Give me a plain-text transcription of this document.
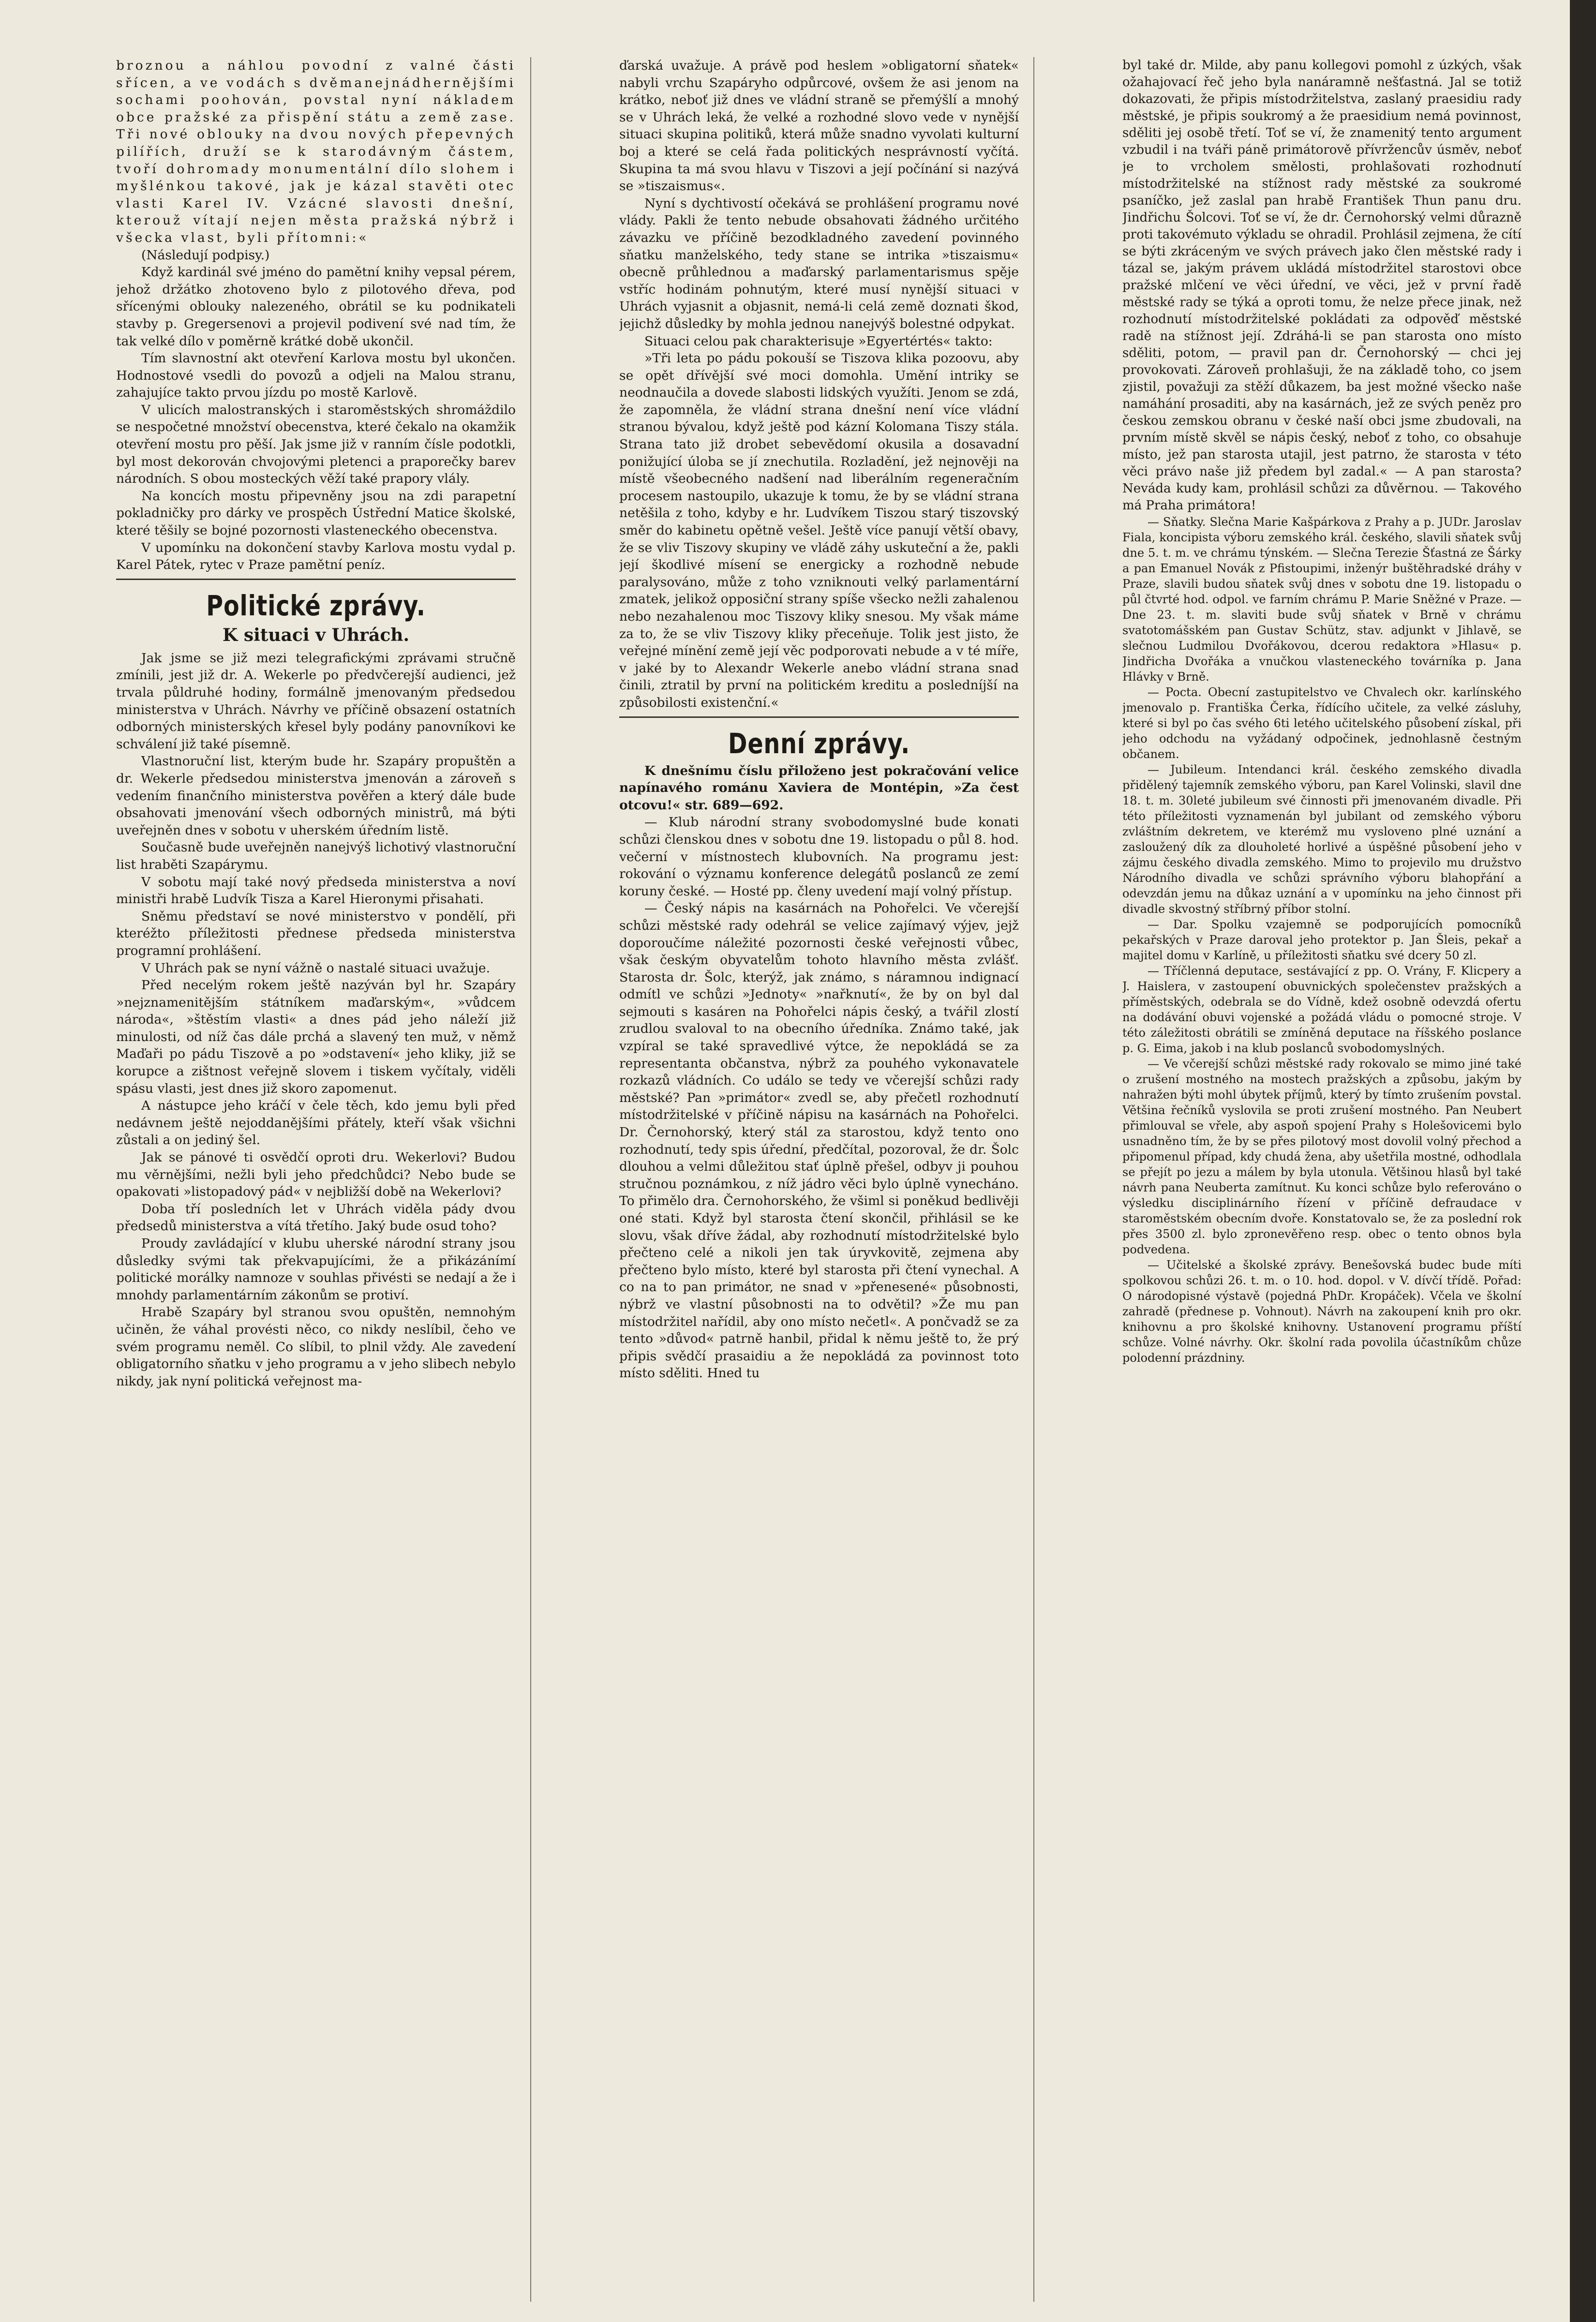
broznou a náhlou povodní z valné části sřícen, a ve vodách s dvěmanejnádhernějšími sochami poohován, povstal nyní nákladem obce pražské za přispění státu a země zase. Tři nové oblouky na dvou nových přepevných pilířích, druží se k starodávným částem, tvoří dohromady monumentální dílo slohem i myšlénkou takové, jak je kázal stavěti otec vlasti Karel IV. Vzácné slavosti dnešní, kterouž vítají nejen města pražská nýbrž i všecka vlast, byli přítomni:«

(Následují podpisy.)

Když kardinál své jméno do pamětní knihy vepsal pérem, jehož držátko zhotoveno bylo z pilotového dřeva, pod sřícenými oblouky nalezeného, obrátil se ku podnikateli stavby p. Gregersenovi a projevil podivení své nad tím, že tak velké dílo v poměrně krátké době ukončil.

Tím slavnostní akt otevření Karlova mostu byl ukončen. Hodnostové vsedli do povozů a odjeli na Malou stranu, zahajujíce takto prvou jízdu po mostě Karlově.

V ulicích malostranských i staroměstských shromáždilo se nespočetné množství obecenstva, které čekalo na okamžik otevření mostu pro pěší. Jak jsme již v ranním čísle podotkli, byl most dekorován chvojovými pletenci a praporečky barev národních. S obou mosteckých věží také prapory vlály.

Na koncích mostu připevněny jsou na zdi parapetní pokladničky pro dárky ve prospěch Ústřední Matice školské, které těšily se bojné pozornosti vlasteneckého obecenstva.

V upomínku na dokončení stavby Karlova mostu vydal p. Karel Pátek, rytec v Praze pamětní peníz.

Politické zprávy.
K situaci v Uhrách.

Jak jsme se již mezi telegrafickými zprávami stručně zmínili, jest již dr. A. Wekerle po předvčerejší audienci, jež trvala půldruhé hodiny, formálně jmenovaným předsedou ministerstva v Uhrách. Návrhy ve příčině obsazení ostatních odborných ministerských křesel byly podány panovníkovi ke schválení již také písemně.

Vlastnoruční list, kterým bude hr. Szapáry propuštěn a dr. Wekerle předsedou ministerstva jmenován a zároveň s vedením finančního ministerstva pověřen a který dále bude obsahovati jmenování všech odborných ministrů, má býti uveřejněn dnes v sobotu v uherském úředním listě.

Současně bude uveřejněn nanejvýš lichotivý vlastnoruční list hraběti Szapárymu.

V sobotu mají také nový předseda ministerstva a noví ministři hrabě Ludvík Tisza a Karel Hieronymi přisahati.

Sněmu představí se nové ministerstvo v pondělí, při kteréžto příležitosti přednese předseda ministerstva programní prohlášení.

V Uhrách pak se nyní vážně o nastalé situaci uvažuje.

Před necelým rokem ještě nazýván byl hr. Szapáry »nejznamenitějším státníkem maďarským«, »vůdcem národa«, »štěstím vlasti« a dnes pád jeho náleží již minulosti, od níž čas dále prchá a slavený ten muž, v němž Maďaři po pádu Tiszově a po »odstavení« jeho kliky, již se korupce a zištnost veřejně slovem i tiskem vyčítaly, viděli spásu vlasti, jest dnes již skoro zapomenut.

A nástupce jeho kráčí v čele těch, kdo jemu byli před nedávnem ještě nejoddanějšími přátely, kteří však všichni zůstali a on jediný šel.

Jak se pánové ti osvědčí oproti dru. Wekerlovi? Budou mu věrnějšími, nežli byli jeho předchůdci? Nebo bude se opakovati »listopadový pád« v nejbližší době na Wekerlovi?

Doba tří posledních let v Uhrách viděla pády dvou předsedů ministerstva a vítá třetího. Jaký bude osud toho?

Proudy zavládající v klubu uherské národní strany jsou důsledky svými tak překvapujícími, že a přikázánímí politické morálky namnoze v souhlas přivésti se nedají a že i mnohdy parlamentárním zákonům se protiví.

Hrabě Szapáry byl stranou svou opuštěn, nemnohým učiněn, že váhal provésti něco, co nikdy neslíbil, čeho ve svém programu neměl. Co slíbil, to plnil vždy. Ale zavedení obligatorního sňatku v jeho programu a v jeho slibech nebylo nikdy, jak nyní politická veřejnost ma-

ďarská uvažuje. A právě pod heslem »obligatorní sňatek« nabyli vrchu Szapáryho odpůrcové, ovšem že asi jenom na krátko, neboť již dnes ve vládní straně se přemýšlí a mnohý se v Uhrách leká, že velké a rozhodné slovo vede v nynější situaci skupina politiků, která může snadno vyvolati kulturní boj a které se celá řada politických nesprávností vyčítá. Skupina ta má svou hlavu v Tiszovi a její počínání si nazývá se »tiszaismus«.

Nyní s dychtivostí očekává se prohlášení programu nové vlády. Pakli že tento nebude obsahovati žádného určitého závazku ve příčině bezodkladného zavedení povinného sňatku manželského, tedy stane se intrika »tiszaismu« obecně průhlednou a maďarský parlamentarismus spěje vstříc hodinám pohnutým, které musí nynější situaci v Uhrách vyjasnit a objasnit, nemá-li celá země doznati škod, jejichž důsledky by mohla jednou nanejvýš bolestné odpykat.

Situaci celou pak charakterisuje »Egyertértés« takto:

»Tři leta po pádu pokouší se Tiszova klika pozoovu, aby se opět dřívější své moci domohla. Umění intriky se neodnaučila a dovede slabosti lidských využíti. Jenom se zdá, že zapomněla, že vládní strana dnešní není více vládní stranou bývalou, když ještě pod kázní Kolomana Tiszy stála. Strana tato již drobet sebevědomí okusila a dosavadní ponižující úloba se jí znechutila. Rozladění, jež nejnověji na místě všeobecného nadšení nad liberálním regeneračním procesem nastoupilo, ukazuje k tomu, že by se vládní strana netěšila z toho, kdyby e hr. Ludvíkem Tiszou starý tiszovský směr do kabinetu opětně vešel. Ještě více panují větší obavy, že se vliv Tiszovy skupiny ve vládě záhy uskuteční a že, pakli její škodlivé mísení se energicky a rozhodně nebude paralysováno, může z toho vzniknouti velký parlamentární zmatek, jelikož opposiční strany spíše všecko nežli zahalenou nebo nezahalenou moc Tiszovy kliky snesou. My však máme za to, že se vliv Tiszovy kliky přeceňuje. Tolik jest jisto, že veřejné mínění země její věc podporovati nebude a v té míře, v jaké by to Alexandr Wekerle anebo vládní strana snad činili, ztratil by první na politickém kreditu a posledníjší na způsobilosti existenční.«

Denní zprávy.

K dnešnímu číslu přiloženo jest pokračování velice napínavého románu Xaviera de Montépin, »Za čest otcovu!« str. 689—692.

— Klub národní strany svobodomyslné bude konati schůzi členskou dnes v sobotu dne 19. listopadu o půl 8. hod. večerní v místnostech klubovních. Na programu jest: rokování o významu konference delegátů poslanců ze zemí koruny české. — Hosté pp. členy uvedení mají volný přístup.

— Český nápis na kasárnách na Pohořelci. Ve včerejší schůzi městské rady odehrál se velice zajímavý výjev, jejž doporoučíme náležité pozornosti české veřejnosti vůbec, však českým obyvatelům tohoto hlavního města zvlášť. Starosta dr. Šolc, kterýž, jak známo, s náramnou indignací odmítl ve schůzi »Jednoty« »nařknutí«, že by on byl dal sejmouti s kasáren na Pohořelci nápis český, a tvářil zlostí zrudlou svaloval to na obecního úředníka. Známo také, jak vzpíral se také spravedlivé výtce, že nepokládá se za representanta občanstva, nýbrž za pouhého vykonavatele rozkazů vládních. Co událo se tedy ve včerejší schůzi rady městské? Pan »primátor« zvedl se, aby přečetl rozhodnutí místodržitelské v příčině nápisu na kasárnách na Pohořelci. Dr. Černohorský, který stál za starostou, když tento ono rozhodnutí, tedy spis úřední, předčítal, pozoroval, že dr. Šolc dlouhou a velmi důležitou stať úplně přešel, odbyv ji pouhou stručnou poznámkou, z níž jádro věci bylo úplně vynecháno. To přimělo dra. Černohorského, že všiml si poněkud bedlivěji oné stati. Když byl starosta čtení skončil, přihlásil se ke slovu, však dříve žádal, aby rozhodnutí místodržitelské bylo přečteno celé a nikoli jen tak úryvkovitě, zejmena aby přečteno bylo místo, které byl starosta při čtení vynechal. A co na to pan primátor, ne snad v »přenesené« působnosti, nýbrž ve vlastní působnosti na to odvětil? »Že mu pan místodržitel nařídil, aby ono místo nečetl«. A pončvadž se za tento »důvod« patrně hanbil, přidal k němu ještě to, že prý připis svědčí prasaidiu a že nepokládá za povinnost toto místo sděliti. Hned tu

byl také dr. Milde, aby panu kollegovi pomohl z úzkých, však ožahajovací řeč jeho byla nanáramně nešťastná. Jal se totiž dokazovati, že připis místodržitelstva, zaslaný praesidiu rady městské, je připis soukromý a že praesidium nemá povinnost, sděliti jej osobě třetí. Toť se ví, že znamenitý tento argument vzbudil i na tváři páně primátorově přívržencův úsměv, neboť je to vrcholem smělosti, prohlašovati rozhodnutí místodržitelské na stížnost rady městské za soukromé psaníčko, jež zaslal pan hrabě František Thun panu dru. Jindřichu Šolcovi. Toť se ví, že dr. Černohorský velmi důrazně proti takovémuto výkladu se ohradil. Prohlásil zejmena, že cítí se býti zkráceným ve svých právech jako člen městské rady i tázal se, jakým právem ukládá místodržitel starostovi obce pražské mlčení ve věci úřední, ve věci, jež v první řadě městské rady se týká a oproti tomu, že nelze přece jinak, než rozhodnutí místodržitelské pokládati za odpověď městské radě na stížnost její. Zdráhá-li se pan starosta ono místo sděliti, potom, — pravil pan dr. Černohorský — chci jej provokovati. Zároveň prohlašuji, že na základě toho, co jsem zjistil, považuji za stěží důkazem, ba jest možné všecko naše namáhání prosaditi, aby na kasárnách, jež ze svých peněz pro českou zemskou obranu v české naší obci jsme zbudovali, na prvním místě skvěl se nápis český, neboť z toho, co obsahuje místo, jež pan starosta utajil, jest patrno, že starosta v této věci právo naše již předem byl zadal.« — A pan starosta? Neváda kudy kam, prohlásil schůzi za důvěrnou. — Takového má Praha primátora!

— Sňatky. Slečna Marie Kašpárkova z Prahy a p. JUDr. Jaroslav Fiala, koncipista výboru zemského král. českého, slavili sňatek svůj dne 5. t. m. ve chrámu týnském. — Slečna Terezie Šťastná ze Šárky a pan Emanuel Novák z Pfistoupimi, inženýr buštěhradské dráhy v Praze, slavili budou sňatek svůj dnes v sobotu dne 19. listopadu o půl čtvrté hod. odpol. ve farním chrámu P. Marie Sněžné v Praze. — Dne 23. t. m. slaviti bude svůj sňatek v Brně v chrámu svatotomášském pan Gustav Schütz, stav. adjunkt v Jihlavě, se slečnou Ludmilou Dvořákovou, dcerou redaktora »Hlasu« p. Jindřicha Dvořáka a vnučkou vlasteneckého továrníka p. Jana Hlávky v Brně.

— Pocta. Obecní zastupitelstvo ve Chvalech okr. karlínského jmenovalo p. Františka Čerka, řídícího učitele, za velké zásluhy, které si byl po čas svého 6ti letého učitelského působení získal, při jeho odchodu na vyžádaný odpočinek, jednohlasně čestným občanem.

— Jubileum. Intendanci král. českého zemského divadla přidělený tajemník zemského výboru, pan Karel Volinski, slavil dne 18. t. m. 30leté jubileum své činnosti při jmenovaném divadle. Při této příležitosti vyznamenán byl jubilant od zemského výboru zvláštním dekretem, ve kterémž mu vysloveno plné uznání a zasloužený dík za dlouholeté horlivé a úspěšné působení jeho v zájmu českého divadla zemského. Mimo to projevilo mu družstvo Národního divadla ve schůzi správního výboru blahopřání a odevzdán jemu na důkaz uznání a v upomínku na jeho činnost při divadle skvostný stříbrný příbor stolní.

— Dar. Spolku vzajemně se podporujících pomocníků pekařských v Praze daroval jeho protektor p. Jan Šleis, pekař a majitel domu v Karlíně, u příležitosti sňatku své dcery 50 zl.

— Tříčlenná deputace, sestávající z pp. O. Vrány, F. Klicpery a J. Haislera, v zastoupení obuvnických společenstev pražských a příměstských, odebrala se do Vídně, kdež osobně odevzdá ofertu na dodávání obuvi vojenské a požádá vládu o pomocné stroje. V této záležitosti obrátili se zmíněná deputace na říšského poslance p. G. Eima, jakob i na klub poslanců svobodomyslných.

— Ve včerejší schůzi městské rady rokovalo se mimo jiné také o zrušení mostného na mostech pražských a způsobu, jakým by nahražen býti mohl úbytek příjmů, který by tímto zrušením povstal. Většina řečníků vyslovila se proti zrušení mostného. Pan Neubert přimlouval se vřele, aby aspoň spojení Prahy s Holešovicemi bylo usnadněno tím, že by se přes pilotový most dovolil volný přechod a připomenul případ, kdy chudá žena, aby ušetřila mostné, odhodlala se přejít po jezu a málem by byla utonula. Většinou hlasů byl také návrh pana Neuberta zamítnut. Ku konci schůze bylo referováno o výsledku disciplinárního řízení v příčině defraudace v staroměstském obecním dvoře. Konstatovalo se, že za poslední rok přes 3500 zl. bylo zpronevěřeno resp. obec o tento obnos byla podvedena.

— Učitelské a školské zprávy. Benešovská budec bude míti spolkovou schůzi 26. t. m. o 10. hod. dopol. v V. dívčí třídě. Pořad: O národopisné výstavě (pojedná PhDr. Kropáček). Včela ve školní zahradě (přednese p. Vohnout). Návrh na zakoupení knih pro okr. knihovnu a pro školské knihovny. Ustanovení programu příští schůze. Volné návrhy. Okr. školní rada povolila účastníkům chůze polodenní prázdniny.
